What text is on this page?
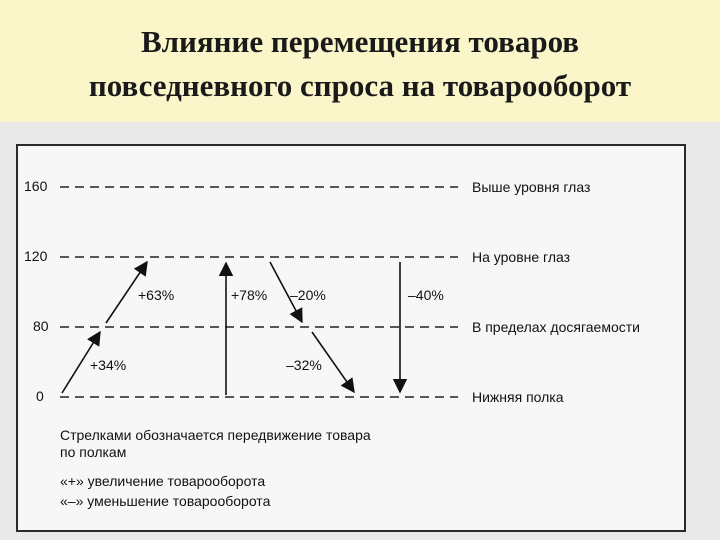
Влияние перемещения товаров
повседневного спроса на товарооборот
160
120
80
0
Выше уровня глаз
На уровне глаз
В пределах досягаемости
Нижняя полка
+34%
+63%	+78% –20%
–32%
–40%
Стрелками обозначается передвижение товара
по полкам
«+» увеличение товарооборота
«–» уменьшение товарооборота
